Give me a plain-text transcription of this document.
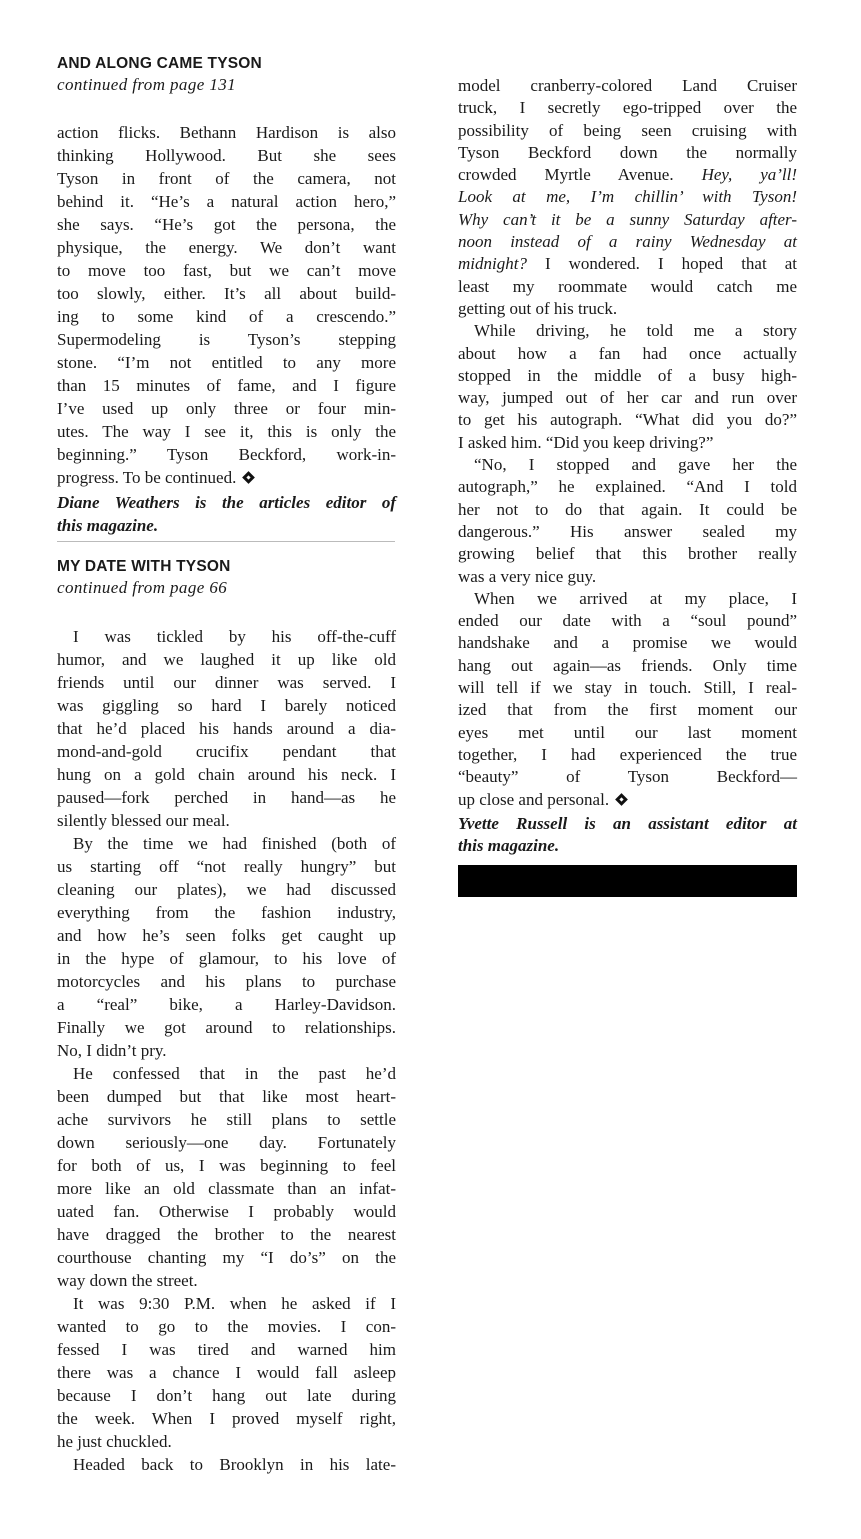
AND ALONG CAME TYSON
continued from page 131
action flicks. Bethann Hardison is also
thinking Hollywood. But she sees
Tyson in front of the camera, not
behind it. “He’s a natural action hero,”
she says. “He’s got the persona, the
physique, the energy. We don’t want
to move too fast, but we can’t move
too slowly, either. It’s all about build-
ing to some kind of a crescendo.”
Supermodeling is Tyson’s stepping
stone. “I’m not entitled to any more
than 15 minutes of fame, and I figure
I’ve used up only three or four min-
utes. The way I see it, this is only the
beginning.” Tyson Beckford, work-in-
progress. To be continued.
Diane Weathers is the articles editor of
this magazine.
MY DATE WITH TYSON
continued from page 66
I was tickled by his off-the-cuff
humor, and we laughed it up like old
friends until our dinner was served. I
was giggling so hard I barely noticed
that he’d placed his hands around a dia-
mond-and-gold crucifix pendant that
hung on a gold chain around his neck. I
paused—fork perched in hand—as he
silently blessed our meal.
By the time we had finished (both of
us starting off “not really hungry” but
cleaning our plates), we had discussed
everything from the fashion industry,
and how he’s seen folks get caught up
in the hype of glamour, to his love of
motorcycles and his plans to purchase
a “real” bike, a Harley-Davidson.
Finally we got around to relationships.
No, I didn’t pry.
He confessed that in the past he’d
been dumped but that like most heart-
ache survivors he still plans to settle
down seriously—one day. Fortunately
for both of us, I was beginning to feel
more like an old classmate than an infat-
uated fan. Otherwise I probably would
have dragged the brother to the nearest
courthouse chanting my “I do’s” on the
way down the street.
It was 9:30 P.M. when he asked if I
wanted to go to the movies. I con-
fessed I was tired and warned him
there was a chance I would fall asleep
because I don’t hang out late during
the week. When I proved myself right,
he just chuckled.
Headed back to Brooklyn in his late-
model cranberry-colored Land Cruiser
truck, I secretly ego-tripped over the
possibility of being seen cruising with
Tyson Beckford down the normally
crowded Myrtle Avenue. Hey, ya’ll!
Look at me, I’m chillin’ with Tyson!
Why can’t it be a sunny Saturday after-
noon instead of a rainy Wednesday at
midnight? I wondered. I hoped that at
least my roommate would catch me
getting out of his truck.
While driving, he told me a story
about how a fan had once actually
stopped in the middle of a busy high-
way, jumped out of her car and run over
to get his autograph. “What did you do?”
I asked him. “Did you keep driving?”
“No, I stopped and gave her the
autograph,” he explained. “And I told
her not to do that again. It could be
dangerous.” His answer sealed my
growing belief that this brother really
was a very nice guy.
When we arrived at my place, I
ended our date with a “soul pound”
handshake and a promise we would
hang out again—as friends. Only time
will tell if we stay in touch. Still, I real-
ized that from the first moment our
eyes met until our last moment
together, I had experienced the true
“beauty” of Tyson Beckford—
up close and personal.
Yvette Russell is an assistant editor at
this magazine.
